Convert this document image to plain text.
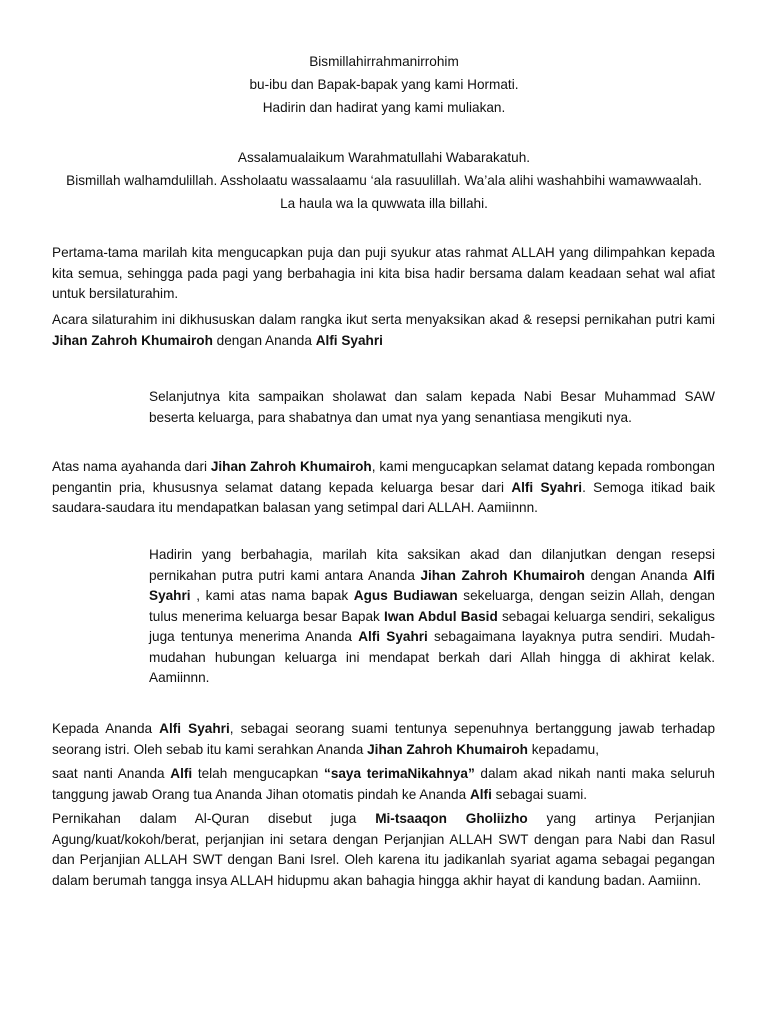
Bismillahirrahmanirrohim
bu-ibu dan Bapak-bapak yang kami Hormati.
Hadirin dan hadirat yang kami muliakan.
Assalamualaikum Warahmatullahi Wabarakatuh.
Bismillah walhamdulillah. Assholaatu wassalaamu ‘ala rasuulillah. Wa’ala alihi washahbihi wamawwaalah. La haula wa la quwwata illa billahi.
Pertama-tama marilah kita mengucapkan puja dan puji syukur atas rahmat ALLAH yang dilimpahkan kepada kita semua, sehingga pada pagi yang berbahagia ini kita bisa hadir bersama dalam keadaan sehat wal afiat untuk bersilaturahim.
Acara silaturahim ini dikhususkan dalam rangka ikut serta menyaksikan akad & resepsi pernikahan putri kami Jihan Zahroh Khumairoh dengan Ananda Alfi Syahri
Selanjutnya kita sampaikan sholawat dan salam kepada Nabi Besar Muhammad SAW beserta keluarga, para shabatnya dan umat nya yang senantiasa mengikuti nya.
Atas nama ayahanda dari Jihan Zahroh Khumairoh, kami mengucapkan selamat datang kepada rombongan pengantin pria, khususnya selamat datang kepada keluarga besar dari Alfi Syahri. Semoga itikad baik saudara-saudara itu mendapatkan balasan yang setimpal dari ALLAH. Aamiinnn.
Hadirin yang berbahagia, marilah kita saksikan akad dan dilanjutkan dengan resepsi pernikahan putra putri kami antara Ananda Jihan Zahroh Khumairoh dengan Ananda Alfi Syahri , kami atas nama bapak Agus Budiawan sekeluarga, dengan seizin Allah, dengan tulus menerima keluarga besar Bapak Iwan Abdul Basid sebagai keluarga sendiri, sekaligus juga tentunya menerima Ananda Alfi Syahri sebagaimana layaknya putra sendiri. Mudah-mudahan hubungan keluarga ini mendapat berkah dari Allah hingga di akhirat kelak. Aamiinnn.
Kepada Ananda Alfi Syahri, sebagai seorang suami tentunya sepenuhnya bertanggung jawab terhadap seorang istri. Oleh sebab itu kami serahkan Ananda Jihan Zahroh Khumairoh kepadamu,
saat nanti Ananda Alfi telah mengucapkan “saya terimaNikahnya” dalam akad nikah nanti maka seluruh tanggung jawab Orang tua Ananda Jihan otomatis pindah ke Ananda Alfi sebagai suami.
Pernikahan dalam Al-Quran disebut juga Mi-tsaaqon Gholiizho yang artinya Perjanjian Agung/kuat/kokoh/berat, perjanjian ini setara dengan Perjanjian ALLAH SWT dengan para Nabi dan Rasul dan Perjanjian ALLAH SWT dengan Bani Isrel. Oleh karena itu jadikanlah syariat agama sebagai pegangan dalam berumah tangga insya ALLAH hidupmu akan bahagia hingga akhir hayat di kandung badan. Aamiinn.
